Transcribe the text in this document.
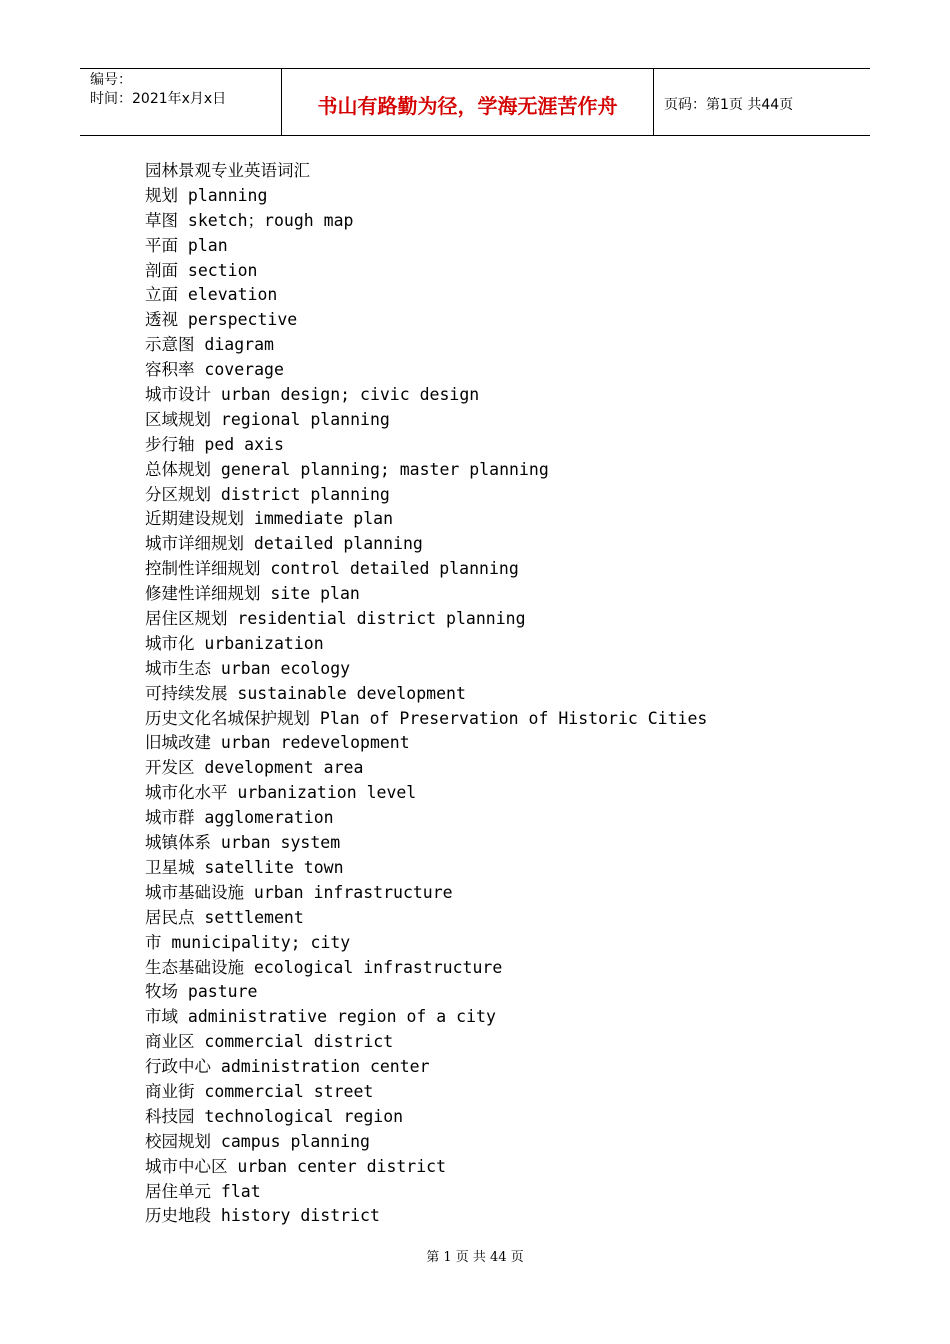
编号：
时间：2021年x月x日	书山有路勤为径，学海无涯苦作舟	页码：第1页 共44页
园林景观专业英语词汇
规划 planning
草图 sketch；rough map
平面 plan
剖面 section
立面 elevation
透视 perspective
示意图 diagram
容积率 coverage
城市设计 urban design; civic design
区域规划 regional planning
步行轴 ped axis
总体规划 general planning; master planning
分区规划 district planning
近期建设规划 immediate plan
城市详细规划 detailed planning
控制性详细规划 control detailed planning
修建性详细规划 site plan
居住区规划 residential district planning
城市化 urbanization
城市生态 urban ecology
可持续发展 sustainable development
历史文化名城保护规划 Plan of Preservation of Historic Cities
旧城改建 urban redevelopment
开发区 development area
城市化水平 urbanization level
城市群 agglomeration
城镇体系 urban system
卫星城 satellite town
城市基础设施 urban infrastructure
居民点 settlement
市 municipality; city
生态基础设施 ecological infrastructure
牧场 pasture
市域 administrative region of a city
商业区 commercial district
行政中心 administration center
商业街 commercial street
科技园 technological region
校园规划 campus planning
城市中心区 urban center district
居住单元 flat
历史地段 history district
第 1 页 共 44 页
